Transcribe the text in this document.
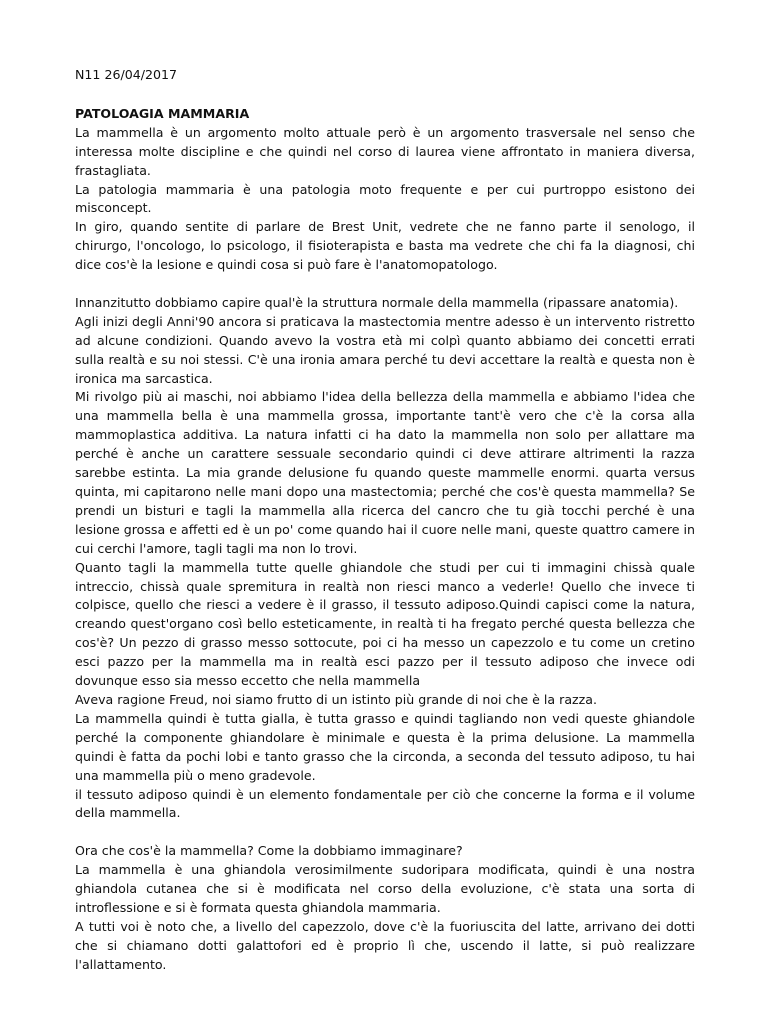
N11 26/04/2017

PATOLOAGIA MAMMARIA

La mammella è un argomento molto attuale però è un argomento trasversale nel senso che interessa molte discipline e che quindi nel corso di laurea viene affrontato in maniera diversa, frastagliata.

La patologia mammaria è una patologia moto frequente e per cui purtroppo esistono dei misconcept.

In giro, quando sentite di parlare de Brest Unit, vedrete che ne fanno parte il senologo, il chirurgo, l'oncologo, lo psicologo, il fisioterapista e basta ma vedrete che chi fa la diagnosi, chi dice cos'è la lesione e quindi cosa si può fare è l'anatomopatologo.

Innanzitutto dobbiamo capire qual'è la struttura normale della mammella (ripassare anatomia).

Agli inizi degli Anni'90 ancora si praticava la mastectomia mentre adesso è un intervento ristretto ad alcune condizioni. Quando avevo la vostra età mi colpì quanto abbiamo dei concetti errati sulla realtà e su noi stessi. C'è una ironia amara perché tu devi accettare la realtà e questa non è ironica ma sarcastica.

Mi rivolgo più ai maschi, noi abbiamo l'idea della bellezza della mammella e abbiamo l'idea che una mammella bella è una mammella grossa, importante tant'è vero che c'è la corsa alla mammoplastica additiva. La natura infatti ci ha dato la mammella non solo per allattare ma perché è anche un carattere sessuale secondario quindi ci deve attirare altrimenti la razza sarebbe estinta. La mia grande delusione fu quando queste mammelle enormi. quarta versus quinta, mi capitarono nelle mani dopo una mastectomia; perché che cos'è questa mammella? Se prendi un bisturi e tagli la mammella alla ricerca del cancro che tu già tocchi perché è una lesione grossa e affetti ed è un po' come quando hai il cuore nelle mani, queste quattro camere in cui cerchi l'amore, tagli tagli ma non lo trovi.

Quanto tagli la mammella tutte quelle ghiandole che studi per cui ti immagini chissà quale intreccio, chissà quale spremitura in realtà non riesci manco a vederle! Quello che invece ti colpisce, quello che riesci a vedere è il grasso, il tessuto adiposo.Quindi capisci come la natura, creando quest'organo così bello esteticamente, in realtà ti ha fregato perché questa bellezza che cos'è? Un pezzo di grasso messo sottocute, poi ci ha messo un capezzolo e tu come un cretino esci pazzo per la mammella ma in realtà esci pazzo per il tessuto adiposo che invece odi dovunque esso sia messo eccetto che nella mammella

Aveva ragione Freud, noi siamo frutto di un istinto più grande di noi che è la razza.

La mammella quindi è tutta gialla, è tutta grasso e quindi tagliando non vedi queste ghiandole perché la componente ghiandolare è minimale e questa è la prima delusione. La mammella quindi è fatta da pochi lobi e tanto grasso che la circonda, a seconda del tessuto adiposo, tu hai una mammella più o meno gradevole.

il tessuto adiposo quindi è un elemento fondamentale per ciò che concerne la forma e il volume della mammella.

Ora che cos'è la mammella? Come la dobbiamo immaginare?

La mammella è una ghiandola verosimilmente sudoripara modificata, quindi è una nostra ghiandola cutanea che si è modificata nel corso della evoluzione, c'è stata una sorta di introflessione e si è formata questa ghiandola mammaria.

A tutti voi è noto che, a livello del capezzolo, dove c'è la fuoriuscita del latte, arrivano dei dotti che si chiamano dotti galattofori ed è proprio lì che, uscendo il latte, si può realizzare l'allattamento.
